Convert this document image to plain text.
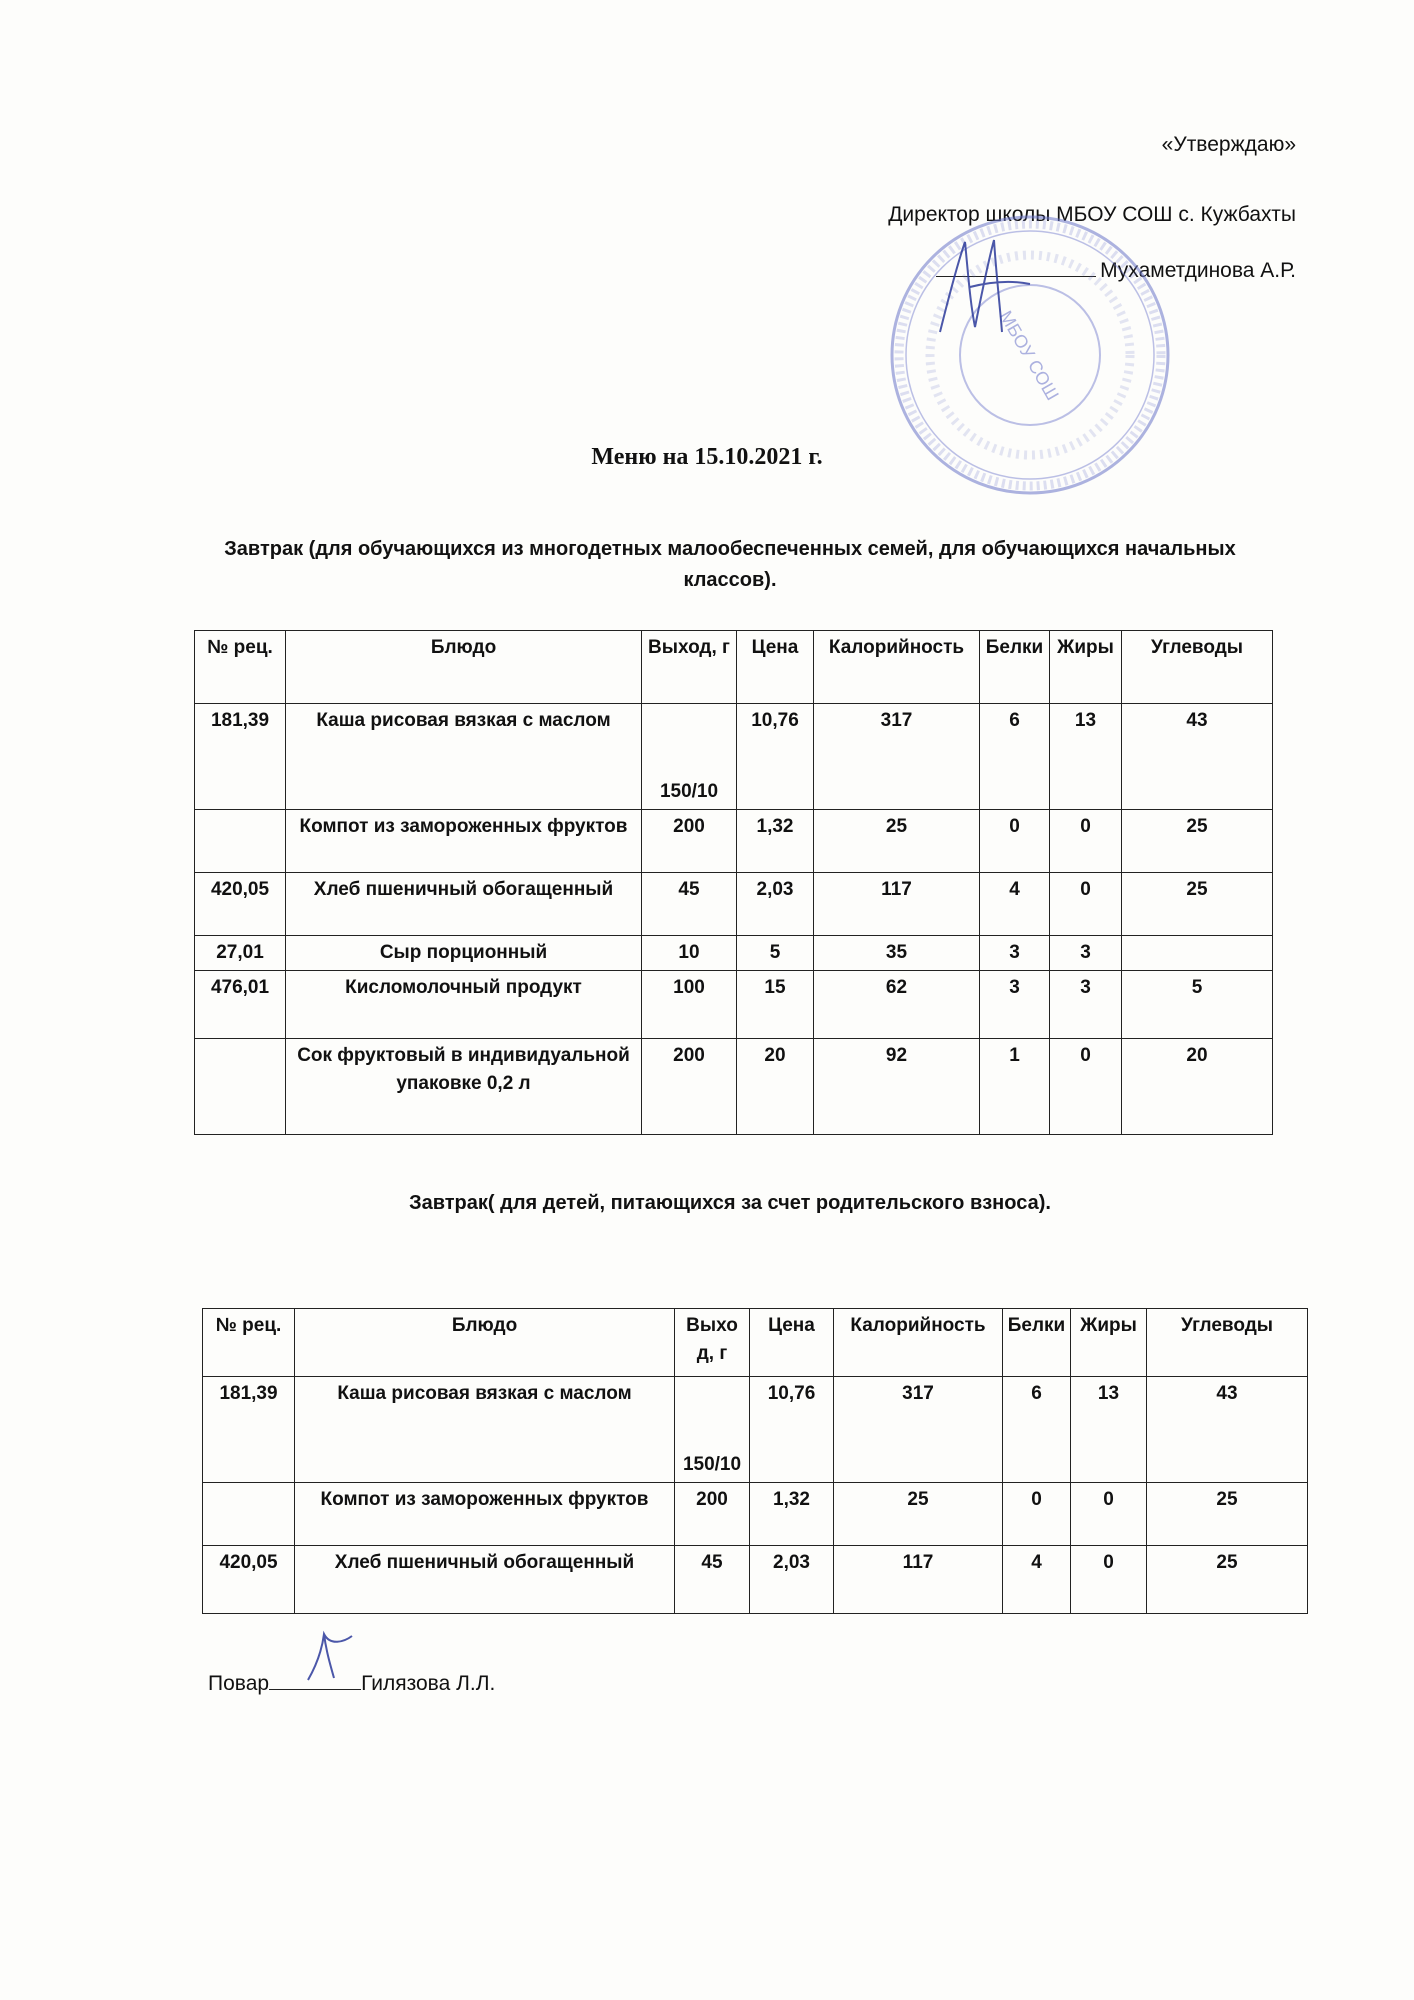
«Утверждаю»
Директор школы МБОУ СОШ с. Кужбахты
Мухаметдинова А.Р.
МБОУ СОШ
Меню на 15.10.2021 г.
Завтрак (для обучающихся из многодетных малообеспеченных семей, для обучающихся начальных классов).
№ рец.	Блюдо	Выход, г	Цена	Калорийность	Белки	Жиры	Углеводы
181,39	Каша рисовая вязкая с маслом	150/10	10,76	317	6	13	43
	Компот из замороженных фруктов	200	1,32	25	0	0	25
420,05	Хлеб пшеничный обогащенный	45	2,03	117	4	0	25
27,01	Сыр порционный	10	5	35	3	3	
476,01	Кисломолочный продукт	100	15	62	3	3	5
	Сок фруктовый в индивидуальной упаковке 0,2 л	200	20	92	1	0	20
Завтрак( для детей, питающихся за счет родительского взноса).
№ рец.	Блюдо	Выход, г	Цена	Калорийность	Белки	Жиры	Углеводы
181,39	Каша рисовая вязкая с маслом	150/10	10,76	317	6	13	43
	Компот из замороженных фруктов	200	1,32	25	0	0	25
420,05	Хлеб пшеничный обогащенный	45	2,03	117	4	0	25
Повар	Гилязова Л.Л.
